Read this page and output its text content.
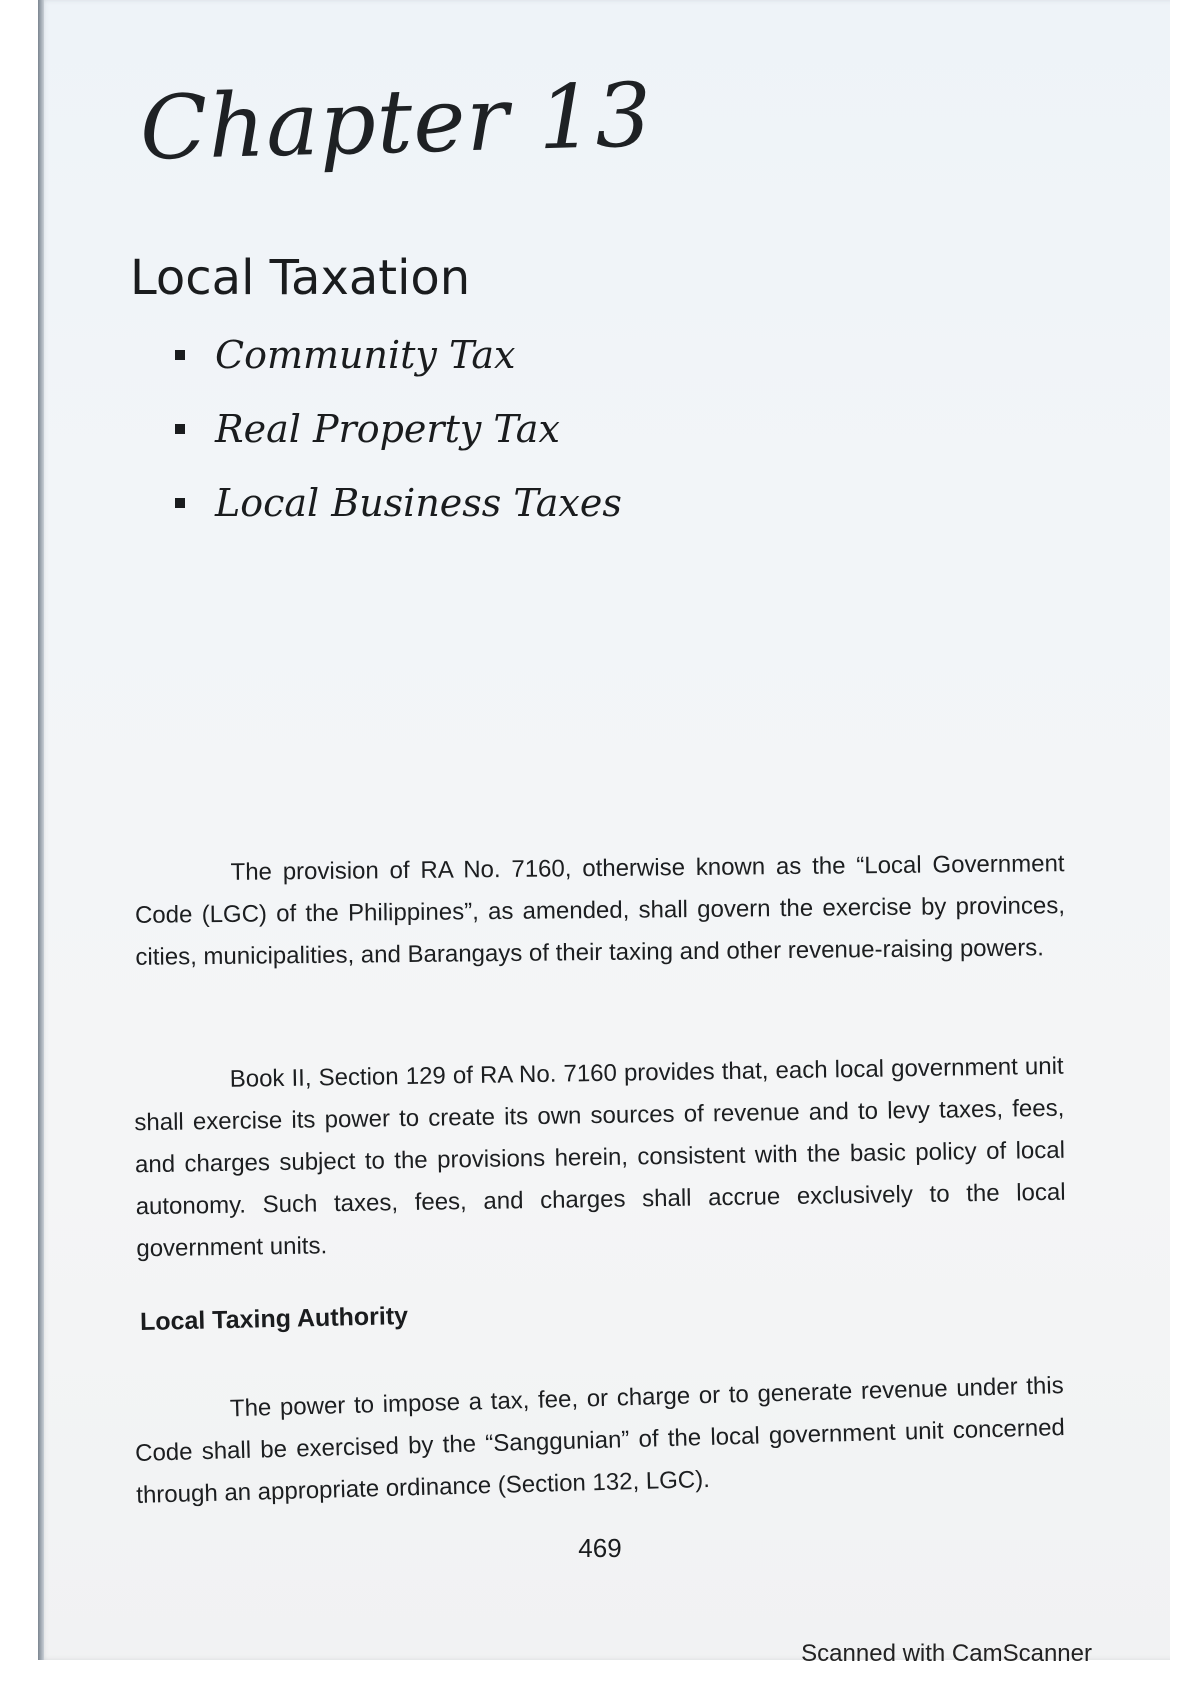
Chapter 13
Local Taxation
Community Tax
Real Property Tax
Local Business Taxes

The provision of RA No. 7160, otherwise known as the “Local Government Code (LGC) of the Philippines”, as amended, shall govern the exercise by provinces, cities, municipalities, and Barangays of their taxing and other revenue-raising powers.

Book II, Section 129 of RA No. 7160 provides that, each local government unit shall exercise its power to create its own sources of revenue and to levy taxes, fees, and charges subject to the provisions herein, consistent with the basic policy of local autonomy. Such taxes, fees, and charges shall accrue exclusively to the local government units.

Local Taxing Authority

The power to impose a tax, fee, or charge or to generate revenue under this Code shall be exercised by the “Sanggunian” of the local government unit concerned through an appropriate ordinance (Section 132, LGC).

469
Scanned with CamScanner
